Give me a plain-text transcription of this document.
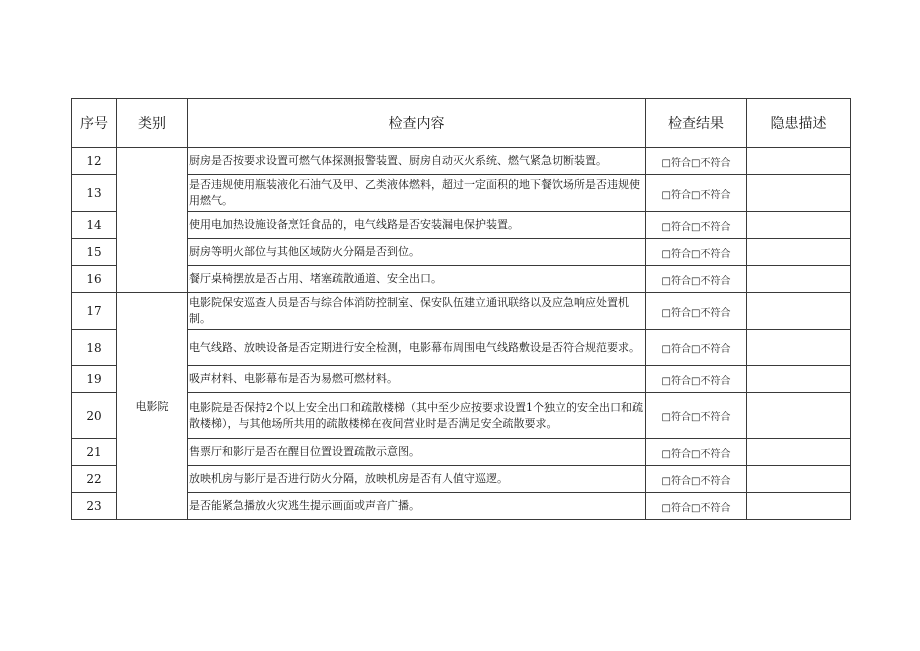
序号	类别	检查内容	检查结果	隐患描述
12		厨房是否按要求设置可燃气体探测报警装置、厨房自动灭火系统、燃气紧急切断装置。	□符合□不符合	
13		是否违规使用瓶装液化石油气及甲、乙类液体燃料，超过一定面积的地下餐饮场所是否违规使用燃气。	□符合□不符合	
14		使用电加热设施设备烹饪食品的，电气线路是否安装漏电保护装置。	□符合□不符合	
15		厨房等明火部位与其他区域防火分隔是否到位。	□符合□不符合	
16		餐厅桌椅摆放是否占用、堵塞疏散通道、安全出口。	□符合□不符合	
17	电影院	电影院保安巡查人员是否与综合体消防控制室、保安队伍建立通讯联络以及应急响应处置机制。	□符合□不符合	
18		电气线路、放映设备是否定期进行安全检测，电影幕布周围电气线路敷设是否符合规范要求。	□符合□不符合	
19		吸声材料、电影幕布是否为易燃可燃材料。	□符合□不符合	
20		电影院是否保持2个以上安全出口和疏散楼梯（其中至少应按要求设置1个独立的安全出口和疏散楼梯），与其他场所共用的疏散楼梯在夜间营业时是否满足安全疏散要求。	□符合□不符合	
21		售票厅和影厅是否在醒目位置设置疏散示意图。	□符合□不符合	
22		放映机房与影厅是否进行防火分隔，放映机房是否有人值守巡逻。	□符合□不符合	
23		是否能紧急播放火灾逃生提示画面或声音广播。	□符合□不符合	
